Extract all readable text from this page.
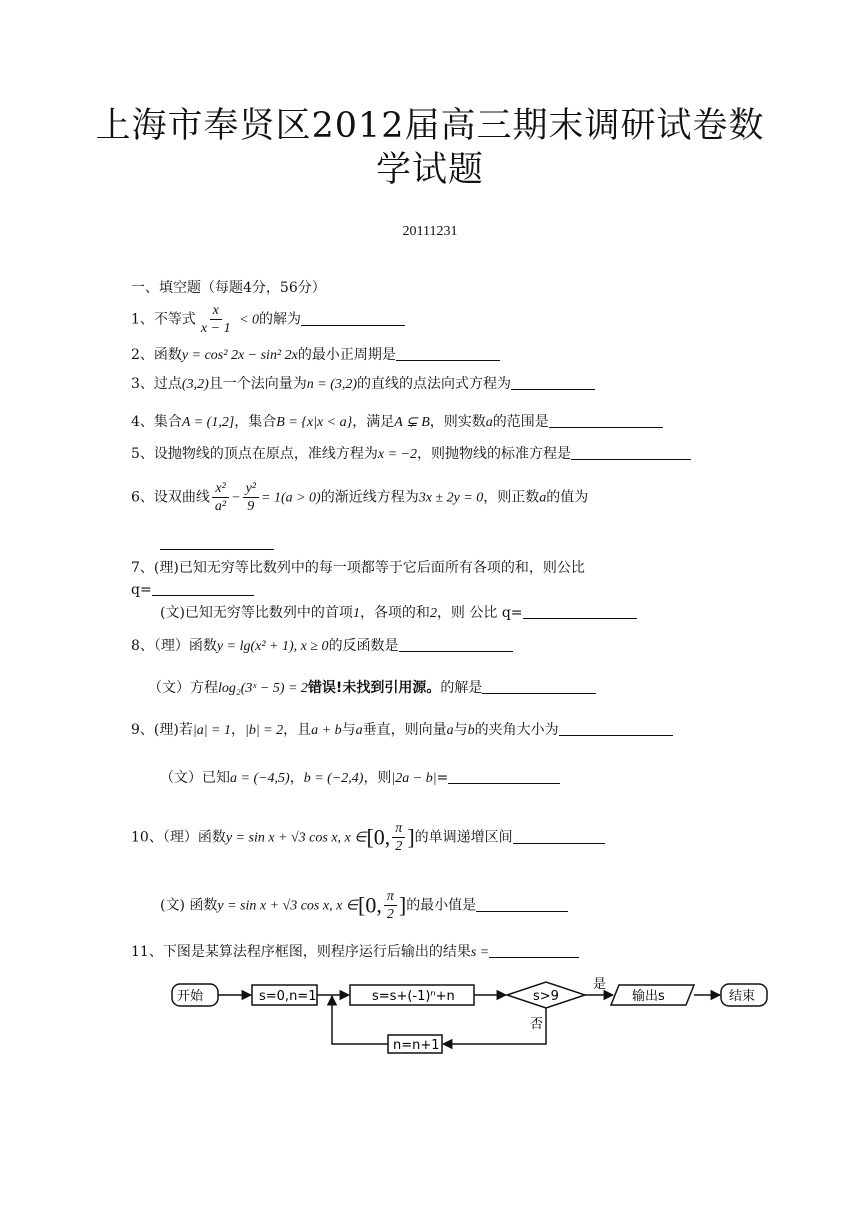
上海市奉贤区2012届高三期末调研试卷数
学试题
20111231
一、填空题（每题4分，56分）
1、不等式 $\frac{x}{x - 1} < 0$的解为
2、函数y = cos² 2x − sin² 2x的最小正周期是
3、过点(3,2)且一个法向量为n = (3,2)的直线的点法向式方程为
4、集合A = (1,2]，集合B = {x|x < a}，满足A ⊊ B，则实数a的范围是
5、设抛物线的顶点在原点，准线方程为x = −2，则抛物线的标准方程是
6、设双曲线 $\frac{\text{x²}}{\text{a²}} - \frac{\text{y²}}{9} = 1(a > 0)$的渐近线方程为3x ± 2y = 0，则正数a的值为
7、(理)已知无穷等比数列中的每一项都等于它后面所有各项的和，则公比
q=
(文)已知无穷等比数列中的首项1，各项的和2，则 公比 q=
8、（理）函数y = lg(x² + 1), x ≥ 0的反函数是
（文）方程log₂(3ˣ − 5) = 2错误!未找到引用源。的解是
9、(理)若|a| = 1，|b| = 2，且a + b与a垂直，则向量a与b的夹角大小为
（文）已知a = (−4,5)，b = (−2,4)，则|2a − b|=
10、（理）函数y = sin x + √3 cos x, x ∈[0, $\frac{\pi}{2}$ ]的单调递增区间
(文) 函数y = sin x + √3 cos x, x ∈[0, $\frac{\pi}{2}$ ]的最小值是
11、下图是某算法程序框图，则程序运行后输出的结果s =
开始	s=0,n=1	s=s+(-1)ⁿ+n	s>9
是
否
输出s	结束
n=n+1
